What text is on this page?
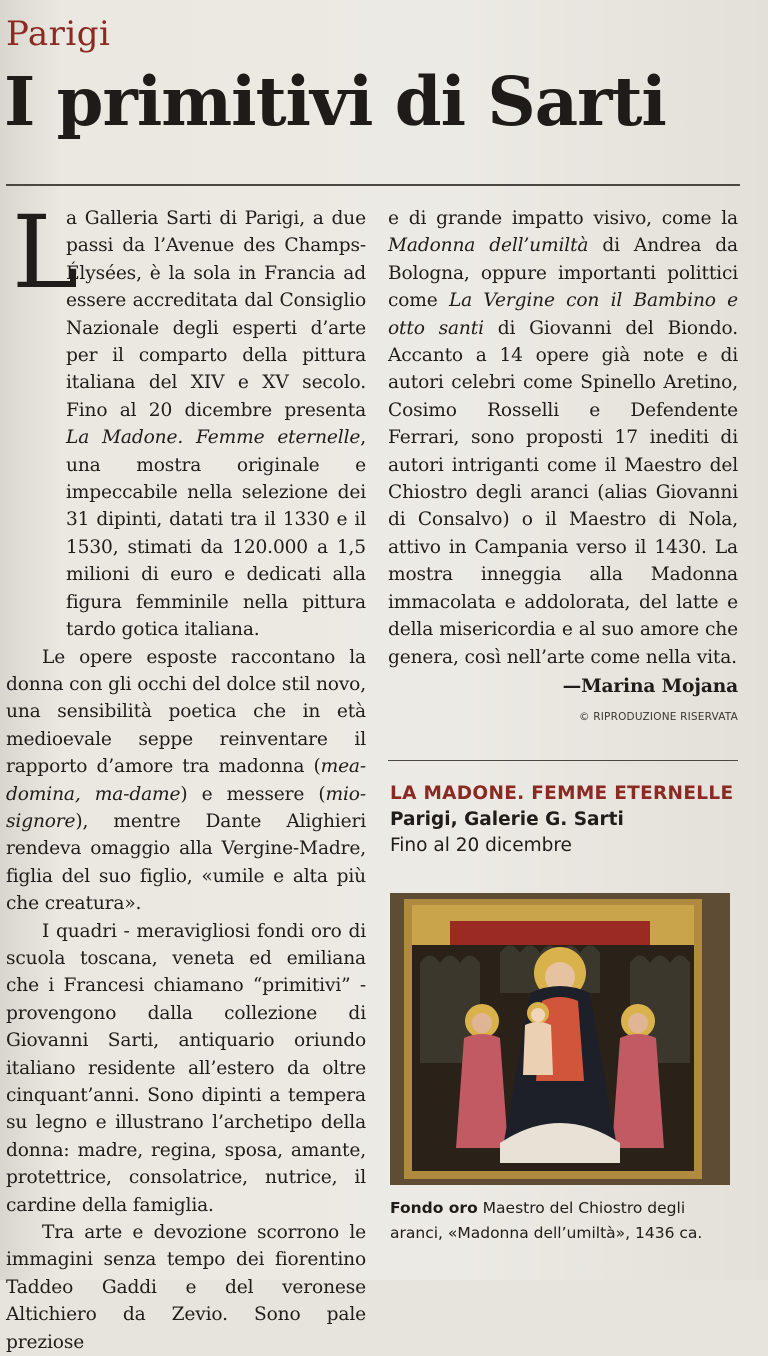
Parigi
I primitivi di Sarti
L

a Galleria Sarti di Parigi, a due passi da l’Avenue des Champs-Élysées, è la sola in Francia ad essere accreditata dal Consiglio Nazionale degli esperti d’arte per il comparto della pittura italiana del XIV e XV secolo. Fino al 20 dicembre presenta La Madone. Femme eternelle, una mostra originale e impeccabile nella selezione dei 31 dipinti, datati tra il 1330 e il 1530, stimati da 120.000 a 1,5 milioni di euro e dedicati alla figura femminile nella pittura tardo gotica italiana.

Le opere esposte raccontano la donna con gli occhi del dolce stil novo, una sensibilità poetica che in età medioevale seppe reinventare il rapporto d’amore tra madonna (mea-domina, ma-dame) e messere (mio-signore), mentre Dante Alighieri rendeva omaggio alla Vergine-Madre, figlia del suo figlio, «umile e alta più che creatura».

I quadri - meravigliosi fondi oro di scuola toscana, veneta ed emiliana che i Francesi chiamano “primitivi” - provengono dalla collezione di Giovanni Sarti, antiquario oriundo italiano residente all’estero da oltre cinquant’anni. Sono dipinti a tempera su legno e illustrano l’archetipo della donna: madre, regina, sposa, amante, protettrice, consolatrice, nutrice, il cardine della famiglia.

Tra arte e devozione scorrono le immagini senza tempo dei fiorentino Taddeo Gaddi e del veronese Altichiero da Zevio. Sono pale preziose

e di grande impatto visivo, come la Madonna dell’umiltà di Andrea da Bologna, oppure importanti polittici come La Vergine con il Bambino e otto santi di Giovanni del Biondo. Accanto a 14 opere già note e di autori celebri come Spinello Aretino, Cosimo Rosselli e Defendente Ferrari, sono proposti 17 inediti di autori intriganti come il Maestro del Chiostro degli aranci (alias Giovanni di Consalvo) o il Maestro di Nola, attivo in Campania verso il 1430. La mostra inneggia alla Madonna immacolata e addolorata, del latte e della misericordia e al suo amore che genera, così nell’arte come nella vita.

—Marina Mojana
© RIPRODUZIONE RISERVATA
LA MADONE. FEMME ETERNELLE
Parigi, Galerie G. Sarti
Fino al 20 dicembre
Fondo oro Maestro del Chiostro degli aranci, «Madonna dell’umiltà», 1436 ca.
